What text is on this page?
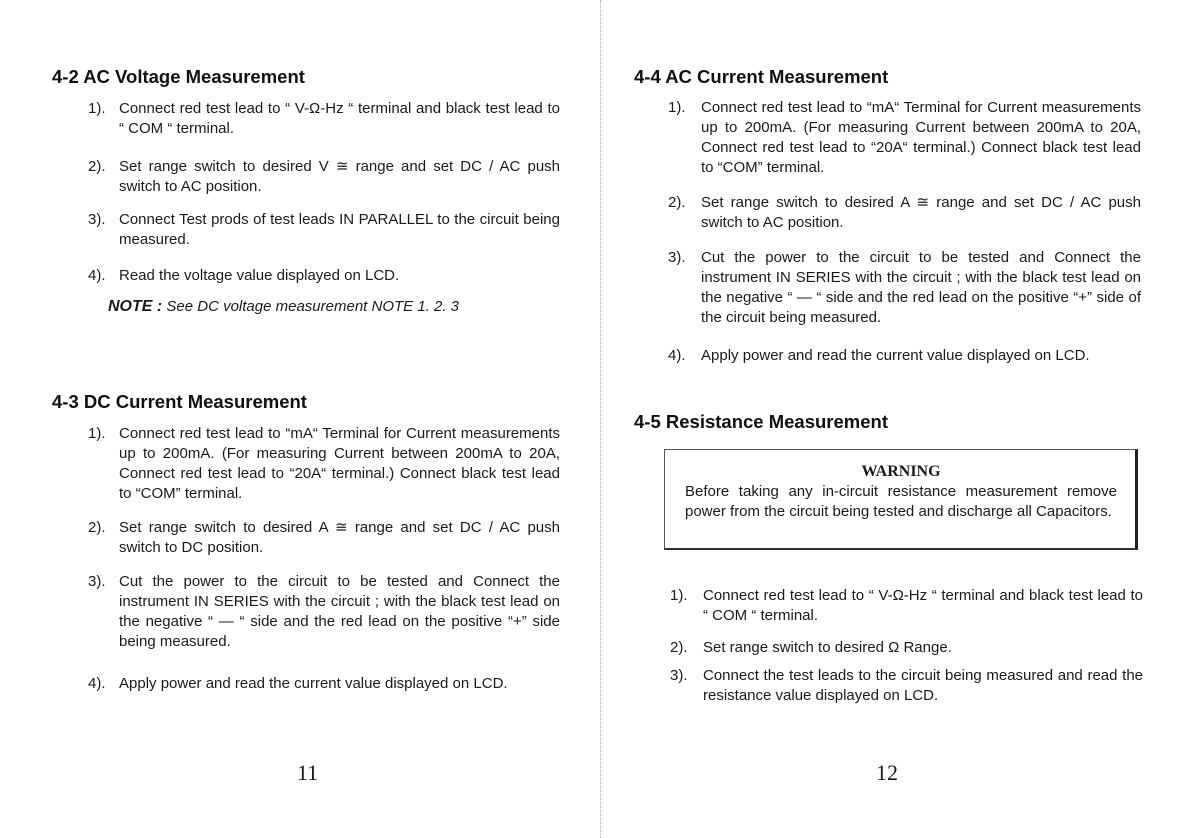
4-2 AC Voltage Measurement
1). Connect red test lead to “ V-Ω-Hz “ terminal and black test lead to “ COM “ terminal.
2). Set range switch to desired V ≅ range and set DC / AC push switch to AC position.
3). Connect Test prods of test leads IN PARALLEL to the circuit being measured.
4). Read the voltage value displayed on LCD.
NOTE : See DC voltage measurement NOTE 1. 2. 3
4-3 DC Current Measurement
1). Connect red test lead to “mA“ Terminal for Current measurements up to 200mA. (For measuring Current between 200mA to 20A, Connect red test lead to “20A“ terminal.) Connect black test lead to “COM” terminal.
2). Set range switch to desired A ≅ range and set DC / AC push switch to DC position.
3). Cut the power to the circuit to be tested and Connect the instrument IN SERIES with the circuit ; with the black test lead on the negative “ — “ side and the red lead on the positive “+” side being measured.
4). Apply power and read the current value displayed on LCD.
11
4-4 AC Current Measurement
1). Connect red test lead to “mA“ Terminal for Current measurements up to 200mA. (For measuring Current between 200mA to 20A, Connect red test lead to “20A“ terminal.) Connect black test lead to “COM” terminal.
2). Set range switch to desired A ≅ range and set DC / AC push switch to AC position.
3). Cut the power to the circuit to be tested and Connect the instrument IN SERIES with the circuit ; with the black test lead on the negative “ — “ side and the red lead on the positive “+” side of the circuit being measured.
4). Apply power and read the current value displayed on LCD.
4-5 Resistance Measurement
WARNING
Before taking any in-circuit resistance measurement remove power from the circuit being tested and discharge all Capacitors.
1). Connect red test lead to “ V-Ω-Hz “ terminal and black test lead to “ COM “ terminal.
2). Set range switch to desired Ω Range.
3). Connect the test leads to the circuit being measured and read the resistance value displayed on LCD.
12
